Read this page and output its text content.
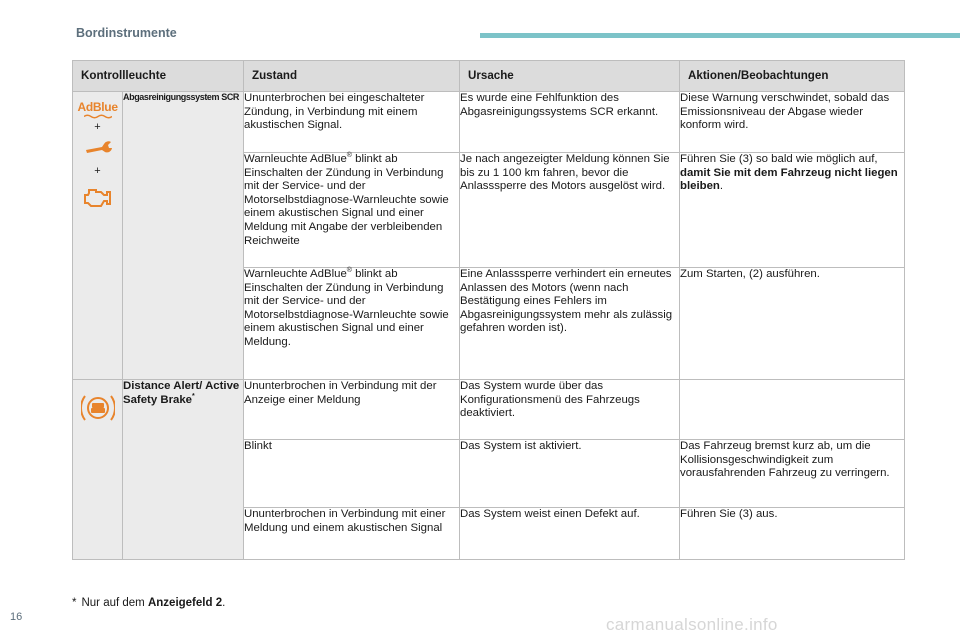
Bordinstrumente
Kontrollleuchte		Zustand	Ursache	Aktionen/Beobachtungen

AdBlue
+
+	Abgasreinigungssystem SCR	Ununterbrochen bei eingeschalteter Zündung, in Verbindung mit einem akustischen Signal.	Es wurde eine Fehlfunktion des Abgasreinigungssystems SCR erkannt.	Diese Warnung verschwindet, sobald das Emissionsniveau der Abgase wieder konform wird.
		Warnleuchte AdBlue® blinkt ab Einschalten der Zündung in Verbindung mit der Service- und der Motorselbstdiagnose-Warnleuchte sowie einem akustischen Signal und einer Meldung mit Angabe der verbleibenden Reichweite	Je nach angezeigter Meldung können Sie bis zu 1 100 km fahren, bevor die Anlasssperre des Motors ausgelöst wird.	Führen Sie (3) so bald wie möglich auf, damit Sie mit dem Fahrzeug nicht liegen bleiben.
		Warnleuchte AdBlue® blinkt ab Einschalten der Zündung in Verbindung mit der Service- und der Motorselbstdiagnose-Warnleuchte sowie einem akustischen Signal und einer Meldung.	Eine Anlasssperre verhindert ein erneutes Anlassen des Motors (wenn nach Bestätigung eines Fehlers im Abgasreinigungssystem mehr als zulässig gefahren worden ist).	Zum Starten, (2) ausführen.

	Distance Alert/ Active Safety Brake*	Ununterbrochen in Verbindung mit der Anzeige einer Meldung	Das System wurde über das Konfigurationsmenü des Fahrzeugs deaktiviert.	
		Blinkt	Das System ist aktiviert.	Das Fahrzeug bremst kurz ab, um die Kollisionsgeschwindigkeit zum vorausfahrenden Fahrzeug zu verringern.
		Ununterbrochen in Verbindung mit einer Meldung und einem akustischen Signal	Das System weist einen Defekt auf.	Führen Sie (3) aus.
* Nur auf dem Anzeigefeld 2.
16	carmanualsonline.info
